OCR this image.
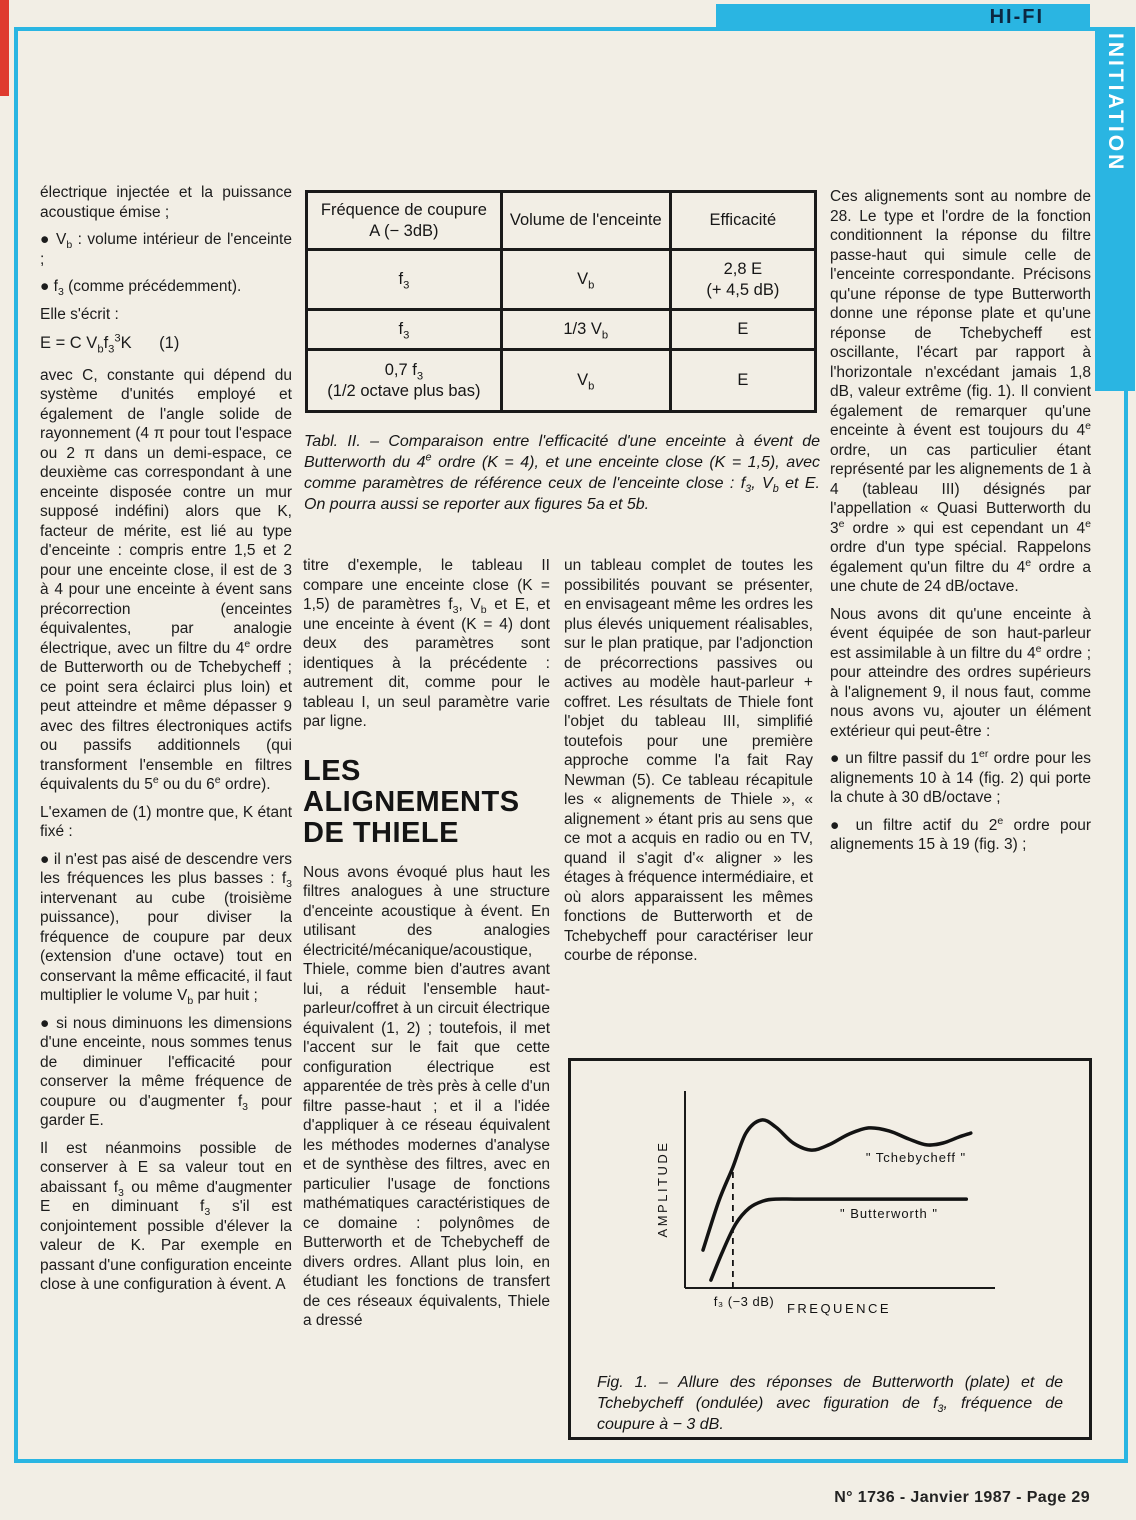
HI-FI
INITIATION

électrique injectée et la puissance acoustique émise ;

● $V_b$ : volume intérieur de l'enceinte ;

● $f_3$ (comme précédemment).

Elle s'écrit :

E = C $V_bf_3^3K$      (1)

avec C, constante qui dépend du système d'unités employé et également de l'angle solide de rayonnement (4 π pour tout l'espace ou 2 π dans un demi-espace, ce deuxième cas correspondant à une enceinte disposée contre un mur supposé indéfini) alors que K, facteur de mérite, est lié au type d'enceinte : compris entre 1,5 et 2 pour une enceinte close, il est de 3 à 4 pour une enceinte à évent sans précorrection (enceintes équivalentes, par analogie électrique, avec un filtre du 4e ordre de Butterworth ou de Tchebycheff ; ce point sera éclairci plus loin) et peut atteindre et même dépasser 9 avec des filtres électroniques actifs ou passifs additionnels (qui transforment l'ensemble en filtres équivalents du 5e ou du 6e ordre).

L'examen de (1) montre que, K étant fixé :

● il n'est pas aisé de descendre vers les fréquences les plus basses : $f_3$ intervenant au cube (troisième puissance), pour diviser la fréquence de coupure par deux (extension d'une octave) tout en conservant la même efficacité, il faut multiplier le volume $V_b$ par huit ;

● si nous diminuons les dimensions d'une enceinte, nous sommes tenus de diminuer l'efficacité pour conserver la même fréquence de coupure ou d'augmenter $f_3$ pour garder E.

Il est néanmoins possible de conserver à E sa valeur tout en abaissant $f_3$ ou même d'augmenter E en diminuant $f_3$ s'il est conjointement possible d'élever la valeur de K. Par exemple en passant d'une configuration enceinte close à une configuration à évent. A

Fréquence de coupure A (− 3dB)	Volume de l'enceinte	Efficacité
$f_3$	$V_b$	2,8 E
(+ 4,5 dB)
$f_3$	1/3 $V_b$	E
0,7 $f_3$
(1/2 octave plus bas)	$V_b$	E
Tabl. II. – Comparaison entre l'efficacité d'une enceinte à évent de Butterworth du 4e ordre (K = 4), et une enceinte close (K = 1,5), avec comme paramètres de référence ceux de l'enceinte close : $f_3$, $V_b$ et E. On pourra aussi se reporter aux figures 5a et 5b.

titre d'exemple, le tableau II compare une enceinte close (K = 1,5) de paramètres $f_3$, $V_b$ et E, et une enceinte à évent (K = 4) dont deux des paramètres sont identiques à la précédente : autrement dit, comme pour le tableau I, un seul paramètre varie par ligne.

LES
ALIGNEMENTS
DE THIELE

Nous avons évoqué plus haut les filtres analogues à une structure d'enceinte acoustique à évent. En utilisant des analogies électricité/mécanique/acoustique, Thiele, comme bien d'autres avant lui, a réduit l'ensemble haut-parleur/coffret à un circuit électrique équivalent (1, 2) ; toutefois, il met l'accent sur le fait que cette configuration électrique est apparentée de très près à celle d'un filtre passe-haut ; et il a l'idée d'appliquer à ce réseau équivalent les méthodes modernes d'analyse et de synthèse des filtres, avec en particulier l'usage de fonctions mathématiques caractéristiques de ce domaine : polynômes de Butterworth et de Tchebycheff de divers ordres. Allant plus loin, en étudiant les fonctions de transfert de ces réseaux équivalents, Thiele a dressé

un tableau complet de toutes les possibilités pouvant se présenter, en envisageant même les ordres les plus élevés uniquement réalisables, sur le plan pratique, par l'adjonction de précorrections passives ou actives au modèle haut-parleur + coffret. Les résultats de Thiele font l'objet du tableau III, simplifié toutefois pour une première approche comme l'a fait Ray Newman (5). Ce tableau récapitule les « alignements de Thiele », « alignement » étant pris au sens que ce mot a acquis en radio ou en TV, quand il s'agit d'« aligner » les étages à fréquence intermédiaire, et où alors apparaissent les mêmes fonctions de Butterworth et de Tchebycheff pour caractériser leur courbe de réponse.

Ces alignements sont au nombre de 28. Le type et l'ordre de la fonction conditionnent la réponse du filtre passe-haut qui simule celle de l'enceinte correspondante. Précisons qu'une réponse de type Butterworth donne une réponse plate et qu'une réponse de Tchebycheff est oscillante, l'écart par rapport à l'horizontale n'excédant jamais 1,8 dB, valeur extrême (fig. 1). Il convient également de remarquer qu'une enceinte à évent est toujours du 4e ordre, un cas particulier étant représenté par les alignements de 1 à 4 (tableau III) désignés par l'appellation « Quasi Butterworth du 3e ordre » qui est cependant un 4e ordre d'un type spécial. Rappelons également qu'un filtre du 4e ordre a une chute de 24 dB/octave.

Nous avons dit qu'une enceinte à évent équipée de son haut-parleur est assimilable à un filtre du 4e ordre ; pour atteindre des ordres supérieurs à l'alignement 9, il nous faut, comme nous avons vu, ajouter un élément extérieur qui peut-être :

● un filtre passif du 1er ordre pour les alignements 10 à 14 (fig. 2) qui porte la chute à 30 dB/octave ;

● un filtre actif du 2e ordre pour alignements 15 à 19 (fig. 3) ;

AMPLITUDE
FREQUENCE
f₃ (−3 dB)
" Tchebycheff "
" Butterworth "
Fig. 1. – Allure des réponses de Butterworth (plate) et de Tchebycheff (ondulée) avec figuration de $f_3$, fréquence de coupure à − 3 dB.
N° 1736 - Janvier 1987 - Page 29
